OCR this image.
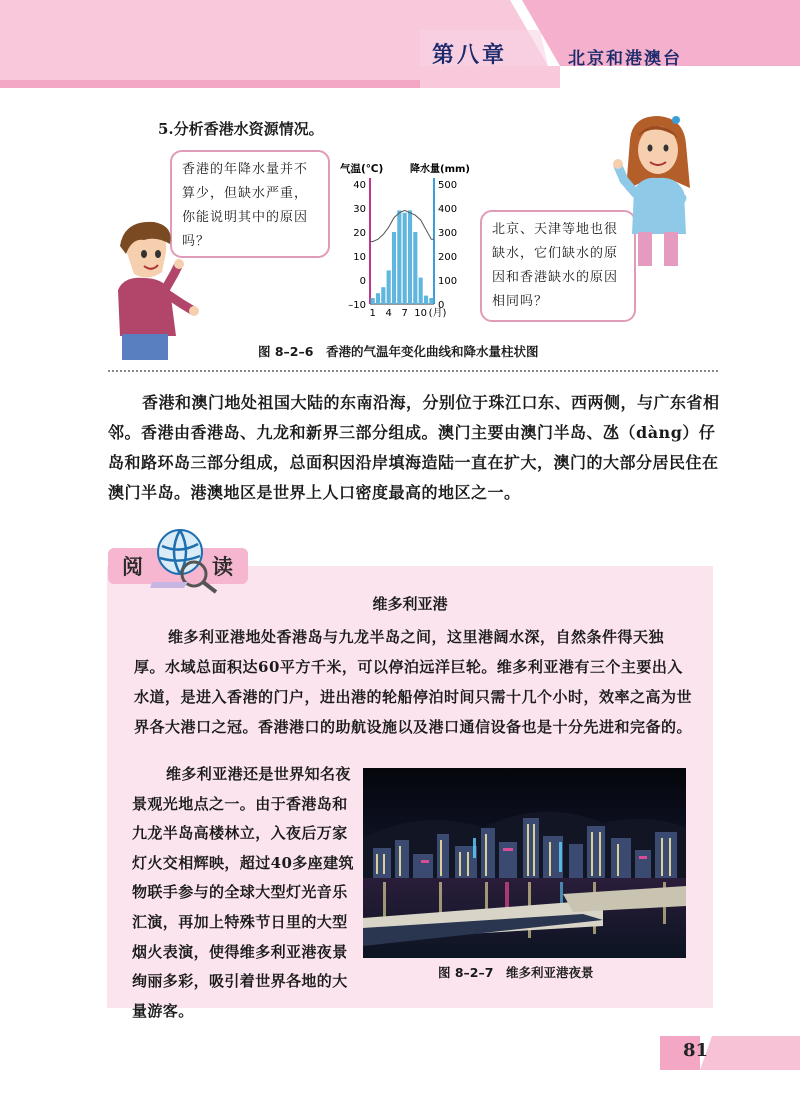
第八章	北京和港澳台
5.分析香港水资源情况。
香港的年降水量并不算少，但缺水严重，你能说明其中的原因吗？
北京、天津等地也很缺水，它们缺水的原因和香港缺水的原因相同吗？
气温(℃)	降水量(mm)
40
30
20
10
0
–10
500
400
300
200
100
0
1 4 7 10 (月)
图 8–2–6　香港的气温年变化曲线和降水量柱状图
香港和澳门地处祖国大陆的东南沿海，分别位于珠江口东、西两侧，与广东省相邻。香港由香港岛、九龙和新界三部分组成。澳门主要由澳门半岛、氹（dàng）仔岛和路环岛三部分组成，总面积因沿岸填海造陆一直在扩大，澳门的大部分居民住在澳门半岛。港澳地区是世界上人口密度最高的地区之一。
阅	读
维多利亚港
维多利亚港地处香港岛与九龙半岛之间，这里港阔水深，自然条件得天独厚。水域总面积达60平方千米，可以停泊远洋巨轮。维多利亚港有三个主要出入水道，是进入香港的门户，进出港的轮船停泊时间只需十几个小时，效率之高为世界各大港口之冠。香港港口的助航设施以及港口通信设备也是十分先进和完备的。
维多利亚港还是世界知名夜景观光地点之一。由于香港岛和九龙半岛高楼林立，入夜后万家灯火交相辉映，超过40多座建筑物联手参与的全球大型灯光音乐汇演，再加上特殊节日里的大型烟火表演，使得维多利亚港夜景绚丽多彩，吸引着世界各地的大量游客。
图 8–2–7　维多利亚港夜景
81
